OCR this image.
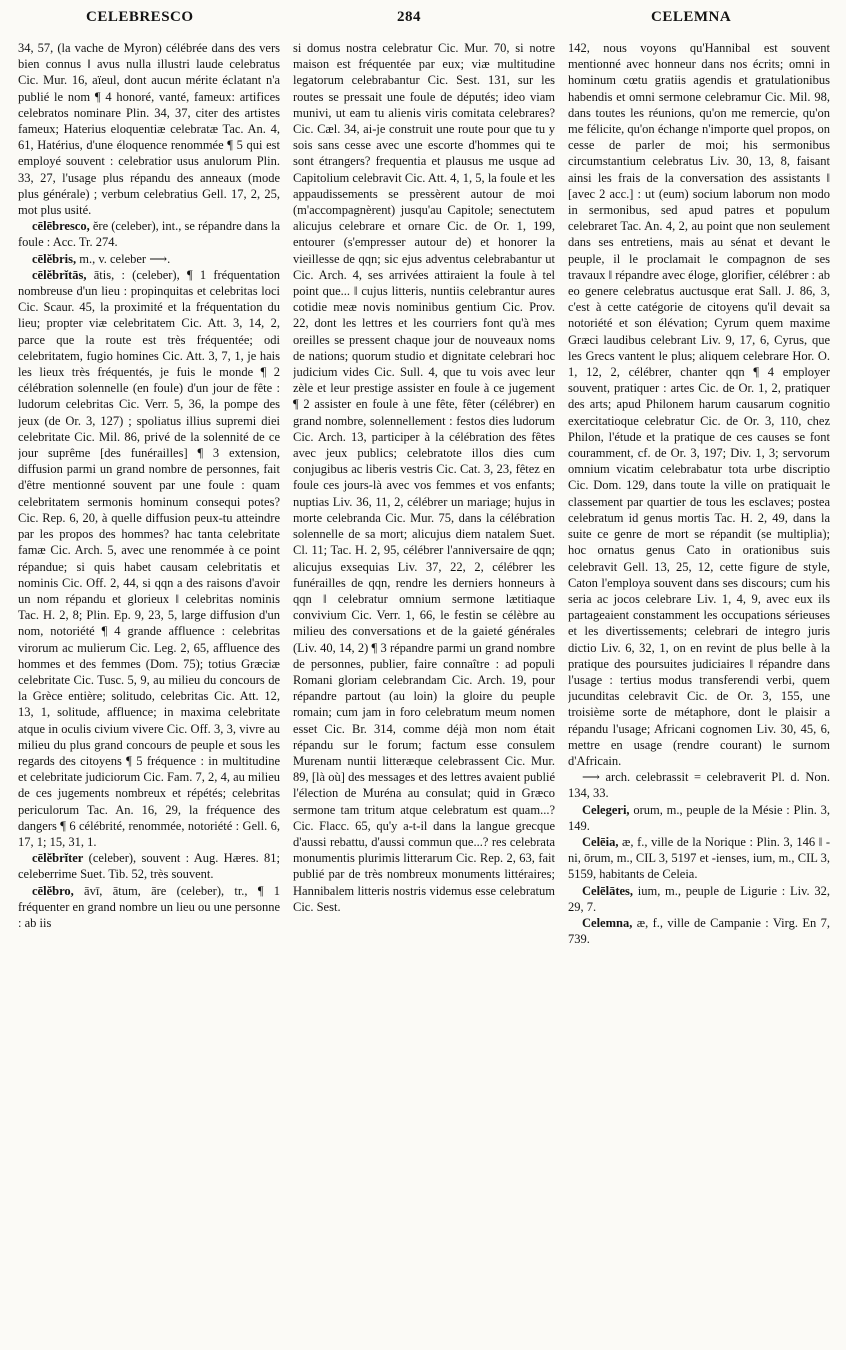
CELEBRESCO	284	CELEMNA

34, 57, (la vache de Myron) célébrée dans des vers bien connus ‖ avus nulla illustri laude celebratus Cic. Mur. 16, aïeul, dont aucun mérite éclatant n'a publié le nom ¶ 4 honoré, vanté, fameux: artifices celebratos nominare Plin. 34, 37, citer des artistes fameux; Haterius eloquentiæ celebratæ Tac. An. 4, 61, Hatérius, d'une éloquence renommée ¶ 5 qui est employé souvent : celebratior usus anulorum Plin. 33, 27, l'usage plus répandu des anneaux (mode plus générale) ; verbum celebratius Gell. 17, 2, 25, mot plus usité.

cēlēbresco, ĕre (celeber), int., se répandre dans la foule : Acc. Tr. 274.

cēlĕbris, m., v. celeber ⟶.

cēlĕbrĭtās, ātis, : (celeber), ¶ 1 fréquentation nombreuse d'un lieu : propinquitas et celebritas loci Cic. Scaur. 45, la proximité et la fréquentation du lieu; propter viæ celebritatem Cic. Att. 3, 14, 2, parce que la route est très fréquentée; odi celebritatem, fugio homines Cic. Att. 3, 7, 1, je hais les lieux très fréquentés, je fuis le monde ¶ 2 célébration solennelle (en foule) d'un jour de fête : ludorum celebritas Cic. Verr. 5, 36, la pompe des jeux (de Or. 3, 127) ; spoliatus illius supremi diei celebritate Cic. Mil. 86, privé de la solennité de ce jour suprême [des funérailles] ¶ 3 extension, diffusion parmi un grand nombre de personnes, fait d'être mentionné souvent par une foule : quam celebritatem sermonis hominum consequi potes? Cic. Rep. 6, 20, à quelle diffusion peux-tu atteindre par les propos des hommes? hac tanta celebritate famæ Cic. Arch. 5, avec une renommée à ce point répandue; si quis habet causam celebritatis et nominis Cic. Off. 2, 44, si qqn a des raisons d'avoir un nom répandu et glorieux ‖ celebritas nominis Tac. H. 2, 8; Plin. Ep. 9, 23, 5, large diffusion d'un nom, notoriété ¶ 4 grande affluence : celebritas virorum ac mulierum Cic. Leg. 2, 65, affluence des hommes et des femmes (Dom. 75); totius Græciæ celebritate Cic. Tusc. 5, 9, au milieu du concours de la Grèce entière; solitudo, celebritas Cic. Att. 12, 13, 1, solitude, affluence; in maxima celebritate atque in oculis civium vivere Cic. Off. 3, 3, vivre au milieu du plus grand concours de peuple et sous les regards des citoyens ¶ 5 fréquence : in multitudine et celebritate judiciorum Cic. Fam. 7, 2, 4, au milieu de ces jugements nombreux et répétés; celebritas periculorum Tac. An. 16, 29, la fréquence des dangers ¶ 6 célébrité, renommée, notoriété : Gell. 6, 17, 1; 15, 31, 1.

cēlĕbrĭter (celeber), souvent : Aug. Hæres. 81; celeberrime Suet. Tib. 52, très souvent.

cēlĕbro, āvī, ātum, āre (celeber), tr., ¶ 1 fréquenter en grand nombre un lieu ou une personne : ab iis

si domus nostra celebratur Cic. Mur. 70, si notre maison est fréquentée par eux; viæ multitudine legatorum celebrabantur Cic. Sest. 131, sur les routes se pressait une foule de députés; ideo viam munivi, ut eam tu alienis viris comitata celebrares? Cic. Cæl. 34, ai-je construit une route pour que tu y sois sans cesse avec une escorte d'hommes qui te sont étrangers? frequentia et plausus me usque ad Capitolium celebravit Cic. Att. 4, 1, 5, la foule et les appaudissements se pressèrent autour de moi (m'accompagnèrent) jusqu'au Capitole; senectutem alicujus celebrare et ornare Cic. de Or. 1, 199, entourer (s'empresser autour de) et honorer la vieillesse de qqn; sic ejus adventus celebrabantur ut Cic. Arch. 4, ses arrivées attiraient la foule à tel point que... ‖ cujus litteris, nuntiis celebrantur aures cotidie meæ novis nominibus gentium Cic. Prov. 22, dont les lettres et les courriers font qu'à mes oreilles se pressent chaque jour de nouveaux noms de nations; quorum studio et dignitate celebrari hoc judicium vides Cic. Sull. 4, que tu vois avec leur zèle et leur prestige assister en foule à ce jugement ¶ 2 assister en foule à une fête, fêter (célébrer) en grand nombre, solennellement : festos dies ludorum Cic. Arch. 13, participer à la célébration des fêtes avec jeux publics; celebratote illos dies cum conjugibus ac liberis vestris Cic. Cat. 3, 23, fêtez en foule ces jours-là avec vos femmes et vos enfants; nuptias Liv. 36, 11, 2, célébrer un mariage; hujus in morte celebranda Cic. Mur. 75, dans la célébration solennelle de sa mort; alicujus diem natalem Suet. Cl. 11; Tac. H. 2, 95, célébrer l'anniversaire de qqn; alicujus exsequias Liv. 37, 22, 2, célébrer les funérailles de qqn, rendre les derniers honneurs à qqn ‖ celebratur omnium sermone lætitiaque convivium Cic. Verr. 1, 66, le festin se célèbre au milieu des conversations et de la gaieté générales (Liv. 40, 14, 2) ¶ 3 répandre parmi un grand nombre de personnes, publier, faire connaître : ad populi Romani gloriam celebrandam Cic. Arch. 19, pour répandre partout (au loin) la gloire du peuple romain; cum jam in foro celebratum meum nomen esset Cic. Br. 314, comme déjà mon nom était répandu sur le forum; factum esse consulem Murenam nuntii litteræque celebrassent Cic. Mur. 89, [là où] des messages et des lettres avaient publié l'élection de Muréna au consulat; quid in Græco sermone tam tritum atque celebratum est quam...? Cic. Flacc. 65, qu'y a-t-il dans la langue grecque d'aussi rebattu, d'aussi commun que...? res celebrata monumentis plurimis litterarum Cic. Rep. 2, 63, fait publié par de très nombreux monuments littéraires; Hannibalem litteris nostris videmus esse celebratum Cic. Sest.

142, nous voyons qu'Hannibal est souvent mentionné avec honneur dans nos écrits; omni in hominum cœtu gratiis agendis et gratulationibus habendis et omni sermone celebramur Cic. Mil. 98, dans toutes les réunions, qu'on me remercie, qu'on me félicite, qu'on échange n'importe quel propos, on cesse de parler de moi; his sermonibus circumstantium celebratus Liv. 30, 13, 8, faisant ainsi les frais de la conversation des assistants ‖ [avec 2 acc.] : ut (eum) socium laborum non modo in sermonibus, sed apud patres et populum celebraret Tac. An. 4, 2, au point que non seulement dans ses entretiens, mais au sénat et devant le peuple, il le proclamait le compagnon de ses travaux ‖ répandre avec éloge, glorifier, célébrer : ab eo genere celebratus auctusque erat Sall. J. 86, 3, c'est à cette catégorie de citoyens qu'il devait sa notoriété et son élévation; Cyrum quem maxime Græci laudibus celebrant Liv. 9, 17, 6, Cyrus, que les Grecs vantent le plus; aliquem celebrare Hor. O. 1, 12, 2, célébrer, chanter qqn ¶ 4 employer souvent, pratiquer : artes Cic. de Or. 1, 2, pratiquer des arts; apud Philonem harum causarum cognitio exercitatioque celebratur Cic. de Or. 3, 110, chez Philon, l'étude et la pratique de ces causes se font couramment, cf. de Or. 3, 197; Div. 1, 3; servorum omnium vicatim celebrabatur tota urbe discriptio Cic. Dom. 129, dans toute la ville on pratiquait le classement par quartier de tous les esclaves; postea celebratum id genus mortis Tac. H. 2, 49, dans la suite ce genre de mort se répandit (se multiplia); hoc ornatus genus Cato in orationibus suis celebravit Gell. 13, 25, 12, cette figure de style, Caton l'employa souvent dans ses discours; cum his seria ac jocos celebrare Liv. 1, 4, 9, avec eux ils partageaient constamment les occupations sérieuses et les divertissements; celebrari de integro juris dictio Liv. 6, 32, 1, on en revint de plus belle à la pratique des poursuites judiciaires ‖ répandre dans l'usage : tertius modus transferendi verbi, quem jucunditas celebravit Cic. de Or. 3, 155, une troisième sorte de métaphore, dont le plaisir a répandu l'usage; Africani cognomen Liv. 30, 45, 6, mettre en usage (rendre courant) le surnom d'Africain.

⟶ arch. celebrassit = celebraverit Pl. d. Non. 134, 33.

Celegeri, orum, m., peuple de la Mésie : Plin. 3, 149.

Celēia, æ, f., ville de la Norique : Plin. 3, 146 ‖ -ni, ōrum, m., CIL 3, 5197 et -ienses, ium, m., CIL 3, 5159, habitants de Celeia.

Celēlātes, ium, m., peuple de Ligurie : Liv. 32, 29, 7.

Celemna, æ, f., ville de Campanie : Virg. En 7, 739.
